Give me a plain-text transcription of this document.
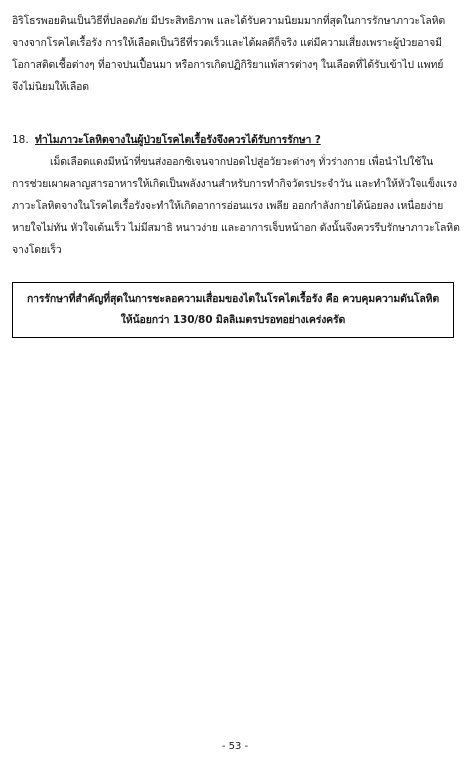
อิริโธรพอยติน​เป็นวิธีที่ปลอดภัย มีประสิทธิภาพ และได้รับความนิยมมากที่สุดในการรักษาภาวะโลหิต
จางจากโรคไตเรื้อรัง การให้เลือดเป็นวิธีที่รวดเร็วและได้ผลดีก็จริง แต่มีความเสี่ยงเพราะผู้ป่วยอาจมี
โอกาสติดเชื้อต่างๆ ที่อาจปนเปื้อนมา หรือการเกิดปฏิกิริยาแพ้สารต่างๆ ในเลือดที่ได้รับเข้าไป แพทย์
จึงไม่นิยมให้เลือด
18. ทำไมภาวะโลหิตจางในผู้ป่วยโรคไตเรื้อรังจึงควรได้รับการรักษา ?
เม็ดเลือดแดงมีหน้าที่ขนส่งออกซิเจนจากปอดไปสู่อวัยวะต่างๆ ทั่วร่างกาย เพื่อนำไปใช้ใน
การช่วยเผาผลาญสารอาหารให้เกิดเป็นพลังงานสำหรับการทำกิจวัตรประจำวัน และทำให้หัวใจแข็งแรง
ภาวะโลหิตจางในโรคไตเรื้อรังจะทำให้เกิดอาการอ่อนแรง เพลีย ออกกำลังกายได้น้อยลง เหนื่อยง่าย
หายใจไม่ทัน หัวใจเต้นเร็ว ไม่มีสมาธิ หนาวง่าย และอาการเจ็บหน้าอก ดังนั้นจึงควรรีบรักษาภาวะโลหิต
จางโดยเร็ว
การรักษาที่สำคัญที่สุดในการชะลอความเสื่อมของไตในโรคไตเรื้อรัง คือ ควบคุมความดันโลหิต
ให้น้อยกว่า 130/80 มิลลิเมตรปรอทอย่างเคร่งครัด
- 53 -
